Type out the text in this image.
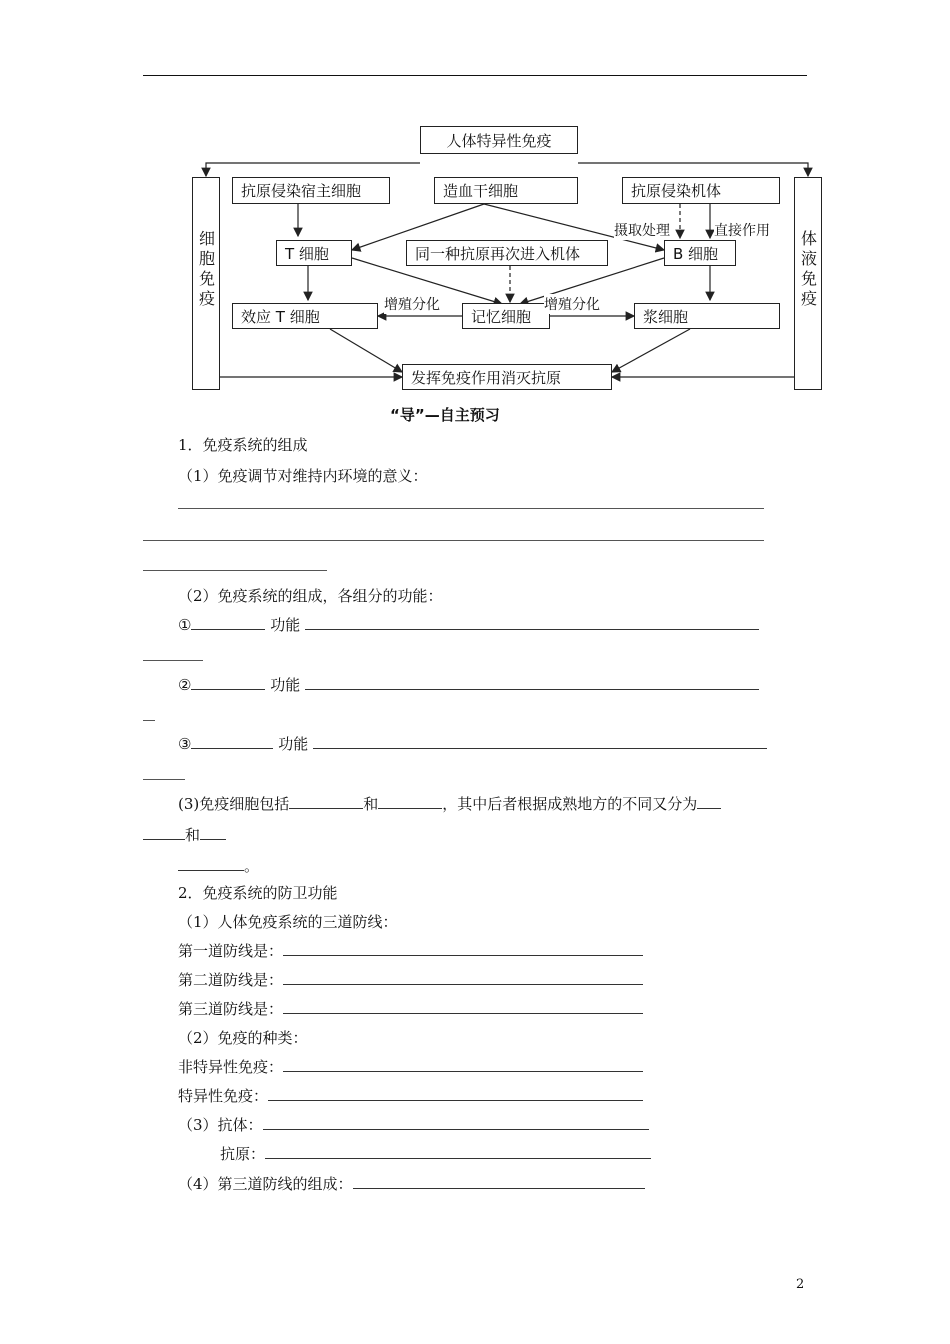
人体特异性免疫
细胞免疫	体液免疫
抗原侵染宿主细胞	造血干细胞	抗原侵染机体
T 细胞	同一种抗原再次进入机体	B 细胞
效应 T 细胞	记忆细胞	浆细胞
发挥免疫作用消灭抗原
摄取处理	直接作用
增殖分化	增殖分化
“导”—自主预习
1．免疫系统的组成
（1）免疫调节对维持内环境的意义：
（2）免疫系统的组成，各组分的功能：
①	功能
②	功能
③	功能
(3)免疫细胞包括	和	，其中后者根据成熟地方的不同又分为
和
。
2．免疫系统的防卫功能
（1）人体免疫系统的三道防线：
第一道防线是：
第二道防线是：
第三道防线是：
（2）免疫的种类：
非特异性免疫：
特异性免疫：
（3）抗体：
抗原：
（4）第三道防线的组成：
2
